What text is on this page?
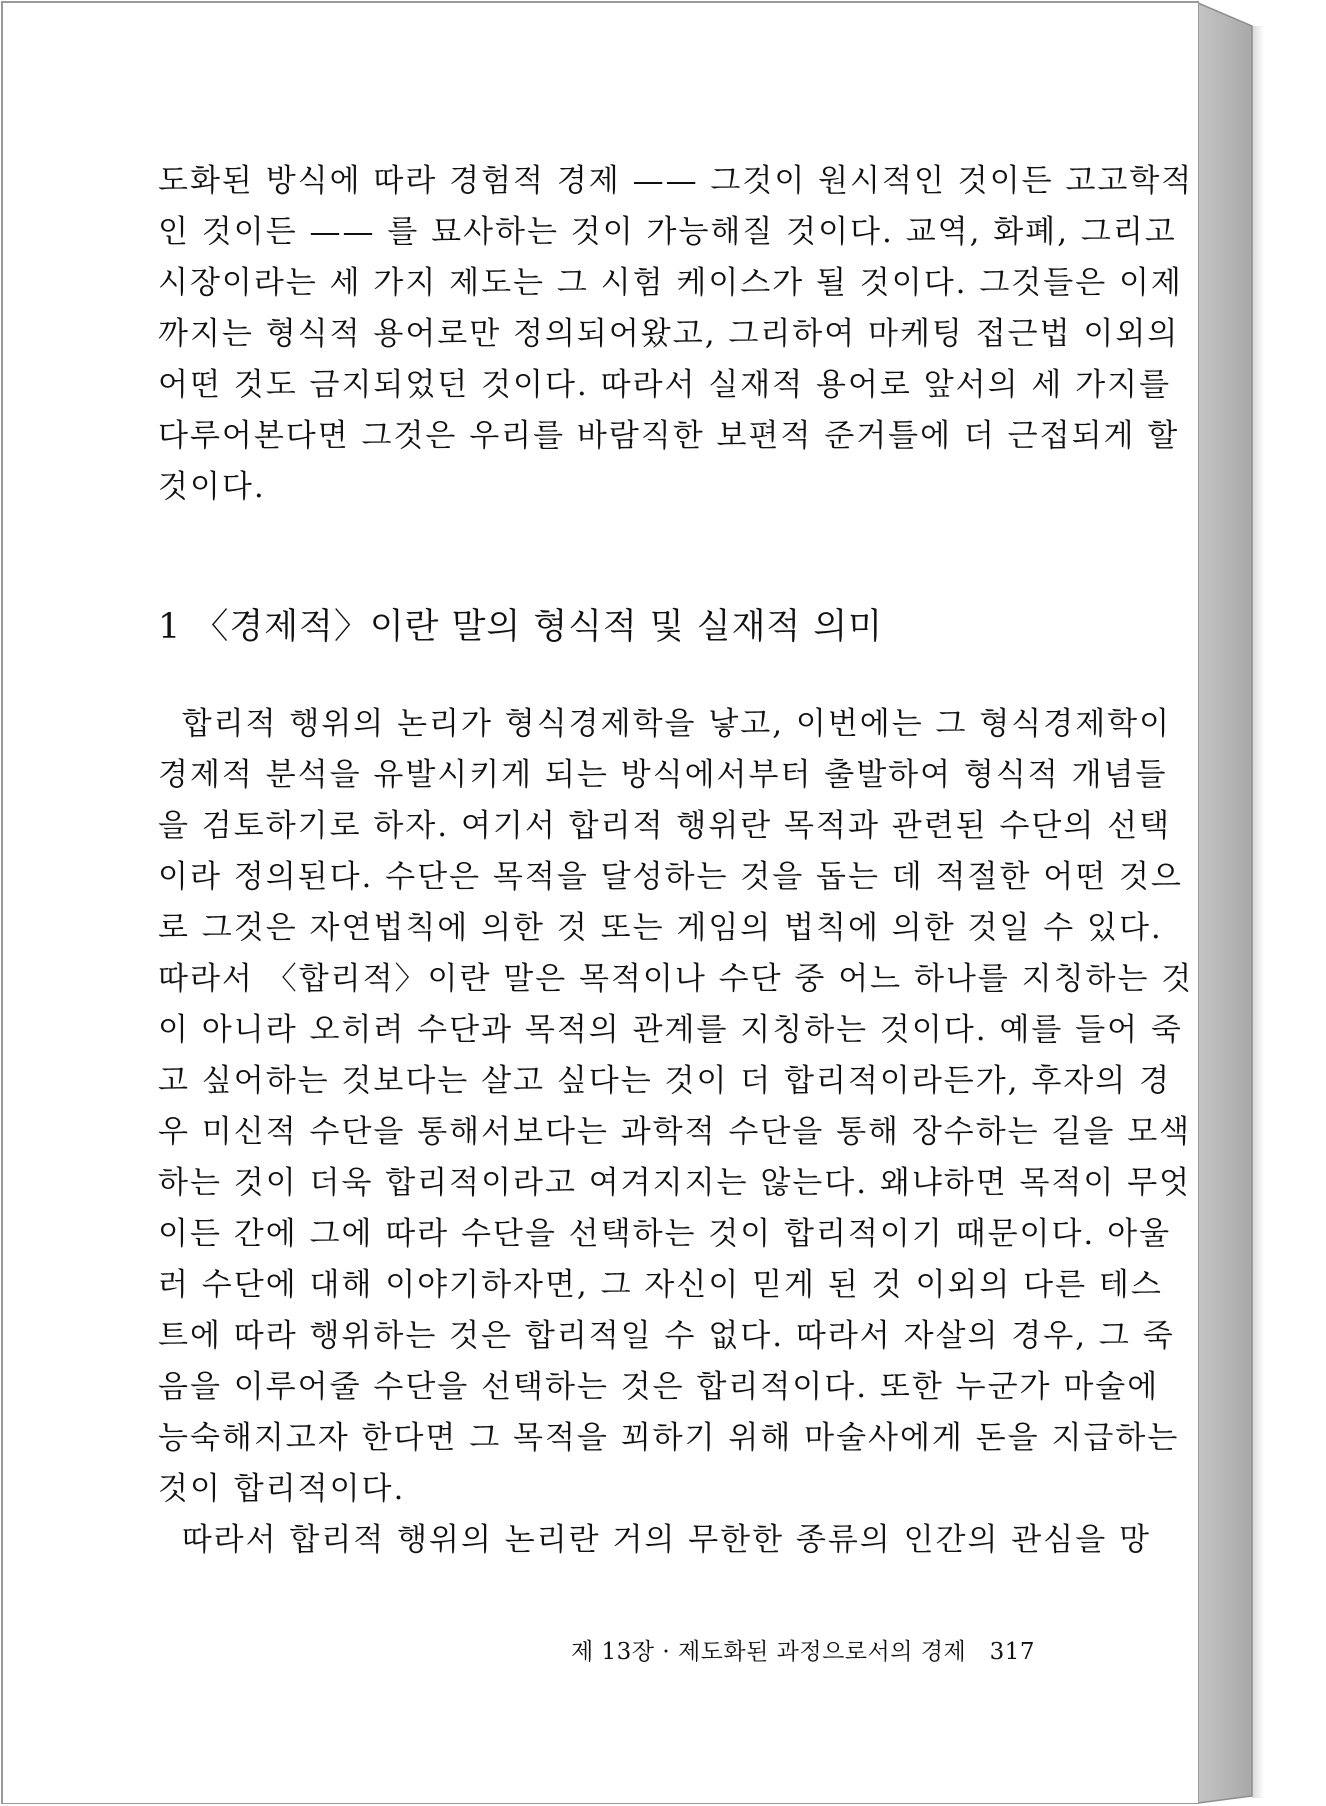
도화된 방식에 따라 경험적 경제 —— 그것이 원시적인 것이든 고고학적
인 것이든 —— 를 묘사하는 것이 가능해질 것이다. 교역, 화폐, 그리고
시장이라는 세 가지 제도는 그 시험 케이스가 될 것이다. 그것들은 이제
까지는 형식적 용어로만 정의되어왔고, 그리하여 마케팅 접근법 이외의
어떤 것도 금지되었던 것이다. 따라서 실재적 용어로 앞서의 세 가지를
다루어본다면 그것은 우리를 바람직한 보편적 준거틀에 더 근접되게 할
것이다.
1 〈경제적〉이란 말의 형식적 및 실재적 의미
합리적 행위의 논리가 형식경제학을 낳고, 이번에는 그 형식경제학이
경제적 분석을 유발시키게 되는 방식에서부터 출발하여 형식적 개념들
을 검토하기로 하자. 여기서 합리적 행위란 목적과 관련된 수단의 선택
이라 정의된다. 수단은 목적을 달성하는 것을 돕는 데 적절한 어떤 것으
로 그것은 자연법칙에 의한 것 또는 게임의 법칙에 의한 것일 수 있다.
따라서 〈합리적〉이란 말은 목적이나 수단 중 어느 하나를 지칭하는 것
이 아니라 오히려 수단과 목적의 관계를 지칭하는 것이다. 예를 들어 죽
고 싶어하는 것보다는 살고 싶다는 것이 더 합리적이라든가, 후자의 경
우 미신적 수단을 통해서보다는 과학적 수단을 통해 장수하는 길을 모색
하는 것이 더욱 합리적이라고 여겨지지는 않는다. 왜냐하면 목적이 무엇
이든 간에 그에 따라 수단을 선택하는 것이 합리적이기 때문이다. 아울
러 수단에 대해 이야기하자면, 그 자신이 믿게 된 것 이외의 다른 테스
트에 따라 행위하는 것은 합리적일 수 없다. 따라서 자살의 경우, 그 죽
음을 이루어줄 수단을 선택하는 것은 합리적이다. 또한 누군가 마술에
능숙해지고자 한다면 그 목적을 꾀하기 위해 마술사에게 돈을 지급하는
것이 합리적이다.
따라서 합리적 행위의 논리란 거의 무한한 종류의 인간의 관심을 망
제 13장 · 제도화된 과정으로서의 경제   317
